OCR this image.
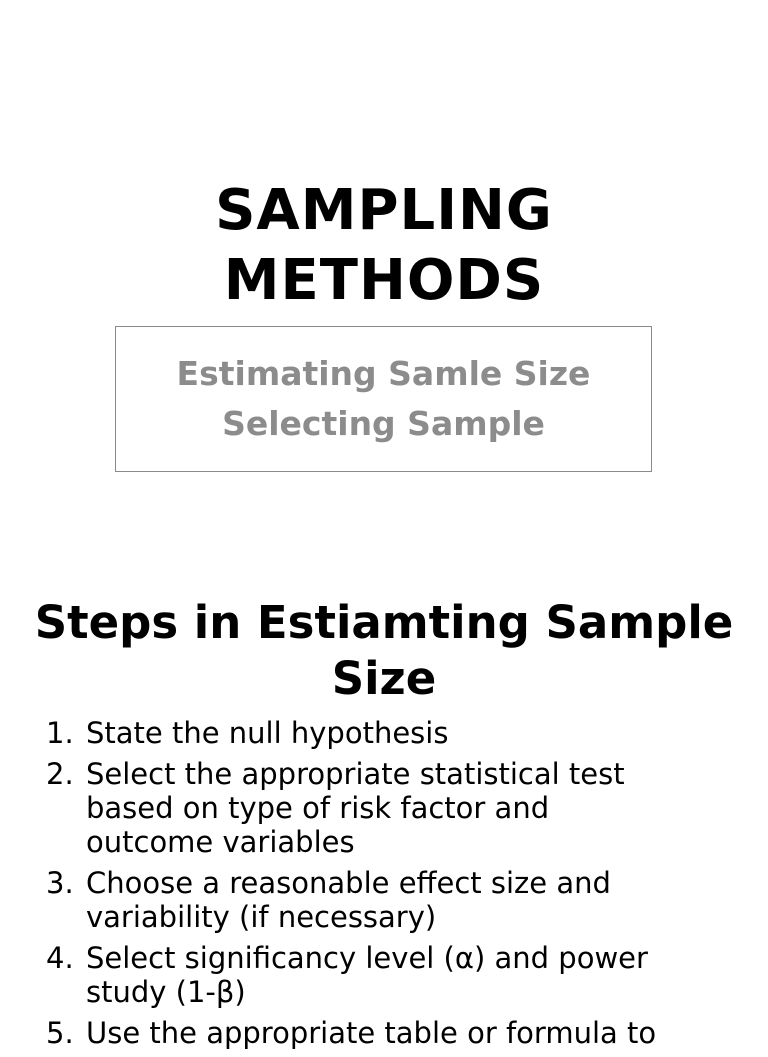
SAMPLING
METHODS

Estimating Samle Size

Selecting Sample

Steps in Estiamting Sample
Size
1. State the null hypothesis
2. Select the appropriate statistical test
based on type of risk factor and
outcome variables
3. Choose a reasonable effect size and
variability (if necessary)
4. Select significancy level (α) and power
study (1-β)
5. Use the appropriate table or formula to
